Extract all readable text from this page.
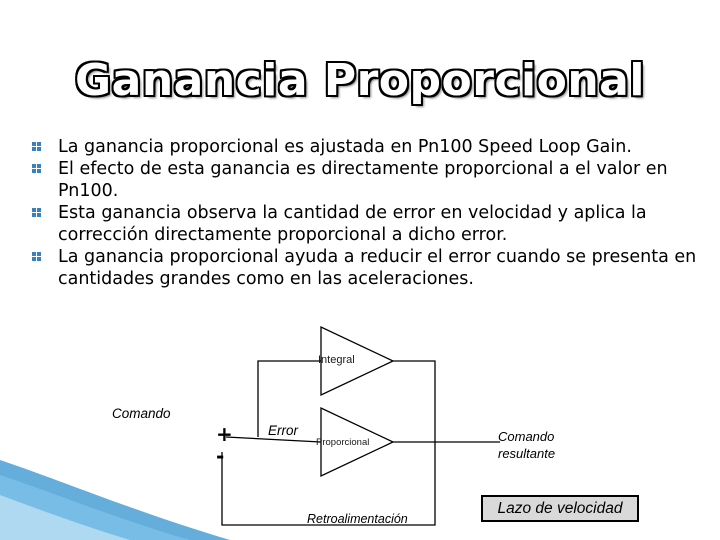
Ganancia Proporcional
La ganancia proporcional es ajustada en Pn100 Speed Loop Gain.
El efecto de esta ganancia es directamente proporcional a el valor en Pn100.
Esta ganancia observa la cantidad de error en velocidad y aplica la corrección directamente proporcional a dicho error.
La ganancia proporcional ayuda a reducir el error cuando se presenta en cantidades grandes como en las aceleraciones.
Integral
Proporcional
Comando
+
-
Error	Comando
resultante
Retroalimentación
Lazo de velocidad
